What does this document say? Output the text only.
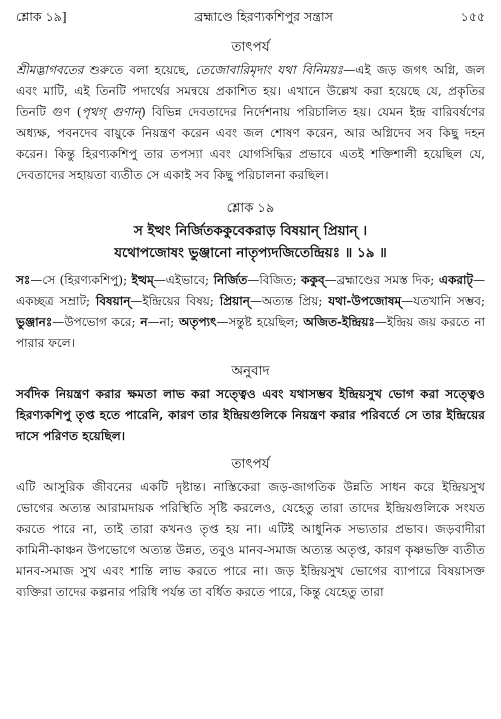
শ্লোক ১৯]	ব্রহ্মাণ্ডে হিরণ্যকশিপুর সন্ত্রাস	১৫৫
তাৎপর্য

শ্রীমদ্ভাগবতের শুরুতে বলা হয়েছে, তেজোবারিমৃদাং যথা বিনিময়ঃ—এই জড় জগৎ অগ্নি, জল এবং মাটি, এই তিনটি পদার্থের সমন্বয়ে প্রকাশিত হয়। এখানে উল্লেখ করা হয়েছে যে, প্রকৃতির তিনটি গুণ (পৃথগ্ গুণান্) বিভিন্ন দেবতাদের নির্দেশনায় পরিচালিত হয়। যেমন ইন্দ্র বারিবর্ষণের অধ্যক্ষ, পবনদেব বায়ুকে নিয়ন্ত্রণ করেন এবং জল শোষণ করেন, আর অগ্নিদেব সব কিছু দহন করেন। কিন্তু হিরণ্যকশিপু তার তপস্যা এবং যোগসিদ্ধির প্রভাবে এতই শক্তিশালী হয়েছিল যে, দেবতাদের সহায়তা ব্যতীত সে একাই সব কিছু পরিচালনা করছিল।

শ্লোক ১৯

স ইত্থং নির্জিতককুবেকরাড় বিষয়ান্ প্রিয়ান্ ।

যথোপজোষং ভুঞ্জানো নাতৃপ্যদজিতেন্দ্রিয়ঃ ॥ ১৯ ॥

সঃ—সে (হিরণ্যকশিপু); ইত্থম্—এইভাবে; নির্জিত—বিজিত; ককুব্—ব্রহ্মাণ্ডের সমস্ত দিক; একরাট্—একচ্ছত্র সম্রাট; বিষয়ান্—ইন্দ্রিয়ের বিষয়; প্রিয়ান্—অত্যন্ত প্রিয়; যথা-উপজোষম্—যতখানি সম্ভব; ভুঞ্জানঃ—উপভোগ করে; ন—না; অতৃপ্যৎ—সন্তুষ্ট হয়েছিল; অজিত-ইন্দ্রিয়ঃ—ইন্দ্রিয় জয় করতে না পারার ফলে।

অনুবাদ

সর্বদিক নিয়ন্ত্রণ করার ক্ষমতা লাভ করা সত্ত্বেও এবং যথাসম্ভব ইন্দ্রিয়সুখ ভোগ করা সত্ত্বেও হিরণ্যকশিপু তৃপ্ত হতে পারেনি, কারণ তার ইন্দ্রিয়গুলিকে নিয়ন্ত্রণ করার পরিবর্তে সে তার ইন্দ্রিয়ের দাসে পরিণত হয়েছিল।

তাৎপর্য

এটি আসুরিক জীবনের একটি দৃষ্টান্ত। নাস্তিকেরা জড়-জাগতিক উন্নতি সাধন করে ইন্দ্রিয়সুখ ভোগের অত্যন্ত আরামদায়ক পরিস্থিতি সৃষ্টি করলেও, যেহেতু তারা তাদের ইন্দ্রিয়গুলিকে সংযত করতে পারে না, তাই তারা কখনও তৃপ্ত হয় না। এটিই আধুনিক সভ্যতার প্রভাব। জড়বাদীরা কামিনী-কাঞ্চন উপভোগে অত্যন্ত উন্নত, তবুও মানব-সমাজ অত্যন্ত অতৃপ্ত, কারণ কৃষ্ণভক্তি ব্যতীত মানব-সমাজ সুখ এবং শান্তি লাভ করতে পারে না। জড় ইন্দ্রিয়সুখ ভোগের ব্যাপারে বিষয়াসক্ত ব্যক্তিরা তাদের কল্পনার পরিধি পর্যন্ত তা বর্ধিত করতে পারে, কিন্তু যেহেতু তারা
